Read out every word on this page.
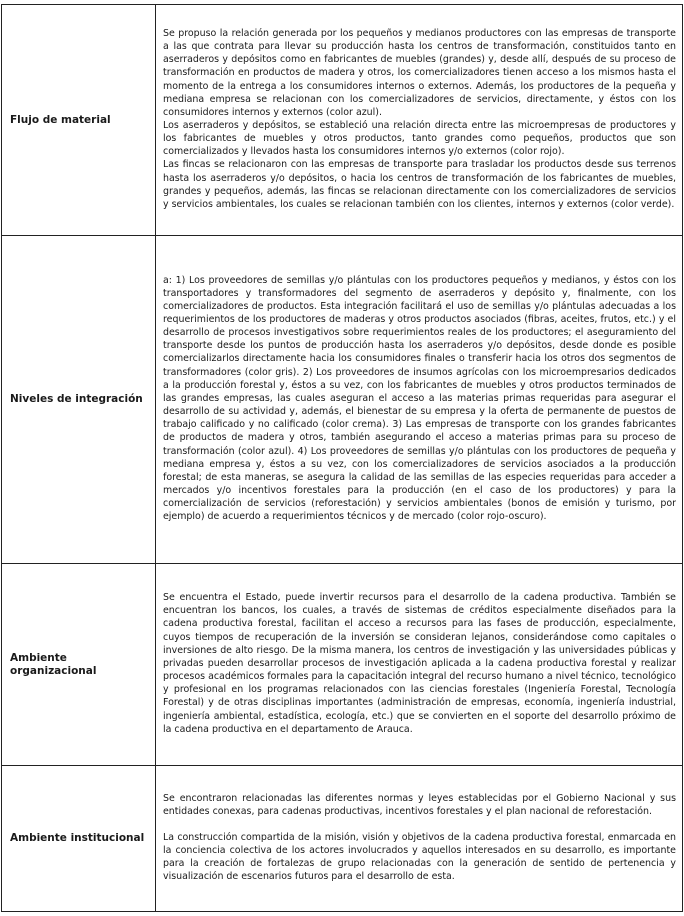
Flujo de material	Se propuso la relación generada por los pequeños y medianos productores con las empresas de transporte a las que contrata para llevar su producción hasta los centros de transformación, constituidos tanto en aserraderos y depósitos como en fabricantes de muebles (grandes) y, desde allí, después de su proceso de transformación en productos de madera y otros, los comercializadores tienen acceso a los mismos hasta el momento de la entrega a los consumidores internos o externos. Además, los productores de la pequeña y mediana empresa se relacionan con los comercializadores de servicios, directamente, y éstos con los consumidores internos y externos (color azul).

Los aserraderos y depósitos, se estableció una relación directa entre las microempresas de productores y los fabricantes de muebles y otros productos, tanto grandes como pequeños, productos que son comercializados y llevados hasta los consumidores internos y/o externos (color rojo).

Las fincas se relacionaron con las empresas de transporte para trasladar los productos desde sus terrenos hasta los aserraderos y/o depósitos, o hacia los centros de transformación de los fabricantes de muebles, grandes y pequeños, además, las fincas se relacionan directamente con los comercializadores de servicios y servicios ambientales, los cuales se relacionan también con los clientes, internos y externos (color verde).

Niveles de integración	a: 1) Los proveedores de semillas y/o plántulas con los productores pequeños y medianos, y éstos con los transportadores y transformadores del segmento de aserraderos y depósito y, finalmente, con los comercializadores de productos. Esta integración facilitará el uso de semillas y/o plántulas adecuadas a los requerimientos de los productores de maderas y otros productos asociados (fibras, aceites, frutos, etc.) y el desarrollo de procesos investigativos sobre requerimientos reales de los productores; el aseguramiento del transporte desde los puntos de producción hasta los aserraderos y/o depósitos, desde donde es posible comercializarlos directamente hacia los consumidores finales o transferir hacia los otros dos segmentos de transformadores (color gris). 2) Los proveedores de insumos agrícolas con los microempresarios dedicados a la producción forestal y, éstos a su vez, con los fabricantes de muebles y otros productos terminados de las grandes empresas, las cuales aseguran el acceso a las materias primas requeridas para asegurar el desarrollo de su actividad y, además, el bienestar de su empresa y la oferta de permanente de puestos de trabajo calificado y no calificado (color crema). 3) Las empresas de transporte con los grandes fabricantes de productos de madera y otros, también asegurando el acceso a materias primas para su proceso de transformación (color azul). 4) Los proveedores de semillas y/o plántulas con los productores de pequeña y mediana empresa y, éstos a su vez, con los comercializadores de servicios asociados a la producción forestal; de esta maneras, se asegura la calidad de las semillas de las especies requeridas para acceder a mercados y/o incentivos forestales para la producción (en el caso de los productores) y para la comercialización de servicios (reforestación) y servicios ambientales (bonos de emisión y turismo, por ejemplo) de acuerdo a requerimientos técnicos y de mercado (color rojo-oscuro).

Ambiente organizacional	Se encuentra el Estado, puede invertir recursos para el desarrollo de la cadena productiva. También se encuentran los bancos, los cuales, a través de sistemas de créditos especialmente diseñados para la cadena productiva forestal, facilitan el acceso a recursos para las fases de producción, especialmente, cuyos tiempos de recuperación de la inversión se consideran lejanos, considerándose como capitales o inversiones de alto riesgo. De la misma manera, los centros de investigación y las universidades públicas y privadas pueden desarrollar procesos de investigación aplicada a la cadena productiva forestal y realizar procesos académicos formales para la capacitación integral del recurso humano a nivel técnico, tecnológico y profesional en los programas relacionados con las ciencias forestales (Ingeniería Forestal, Tecnología Forestal) y de otras disciplinas importantes (administración de empresas, economía, ingeniería industrial, ingeniería ambiental, estadística, ecología, etc.) que se convierten en el soporte del desarrollo próximo de la cadena productiva en el departamento de Arauca.

Ambiente institucional	Se encontraron relacionadas las diferentes normas y leyes establecidas por el Gobierno Nacional y sus entidades conexas, para cadenas productivas, incentivos forestales y el plan nacional de reforestación.

La construcción compartida de la misión, visión y objetivos de la cadena productiva forestal, enmarcada en la conciencia colectiva de los actores involucrados y aquellos interesados en su desarrollo, es importante para la creación de fortalezas de grupo relacionadas con la generación de sentido de pertenencia y visualización de escenarios futuros para el desarrollo de esta.
